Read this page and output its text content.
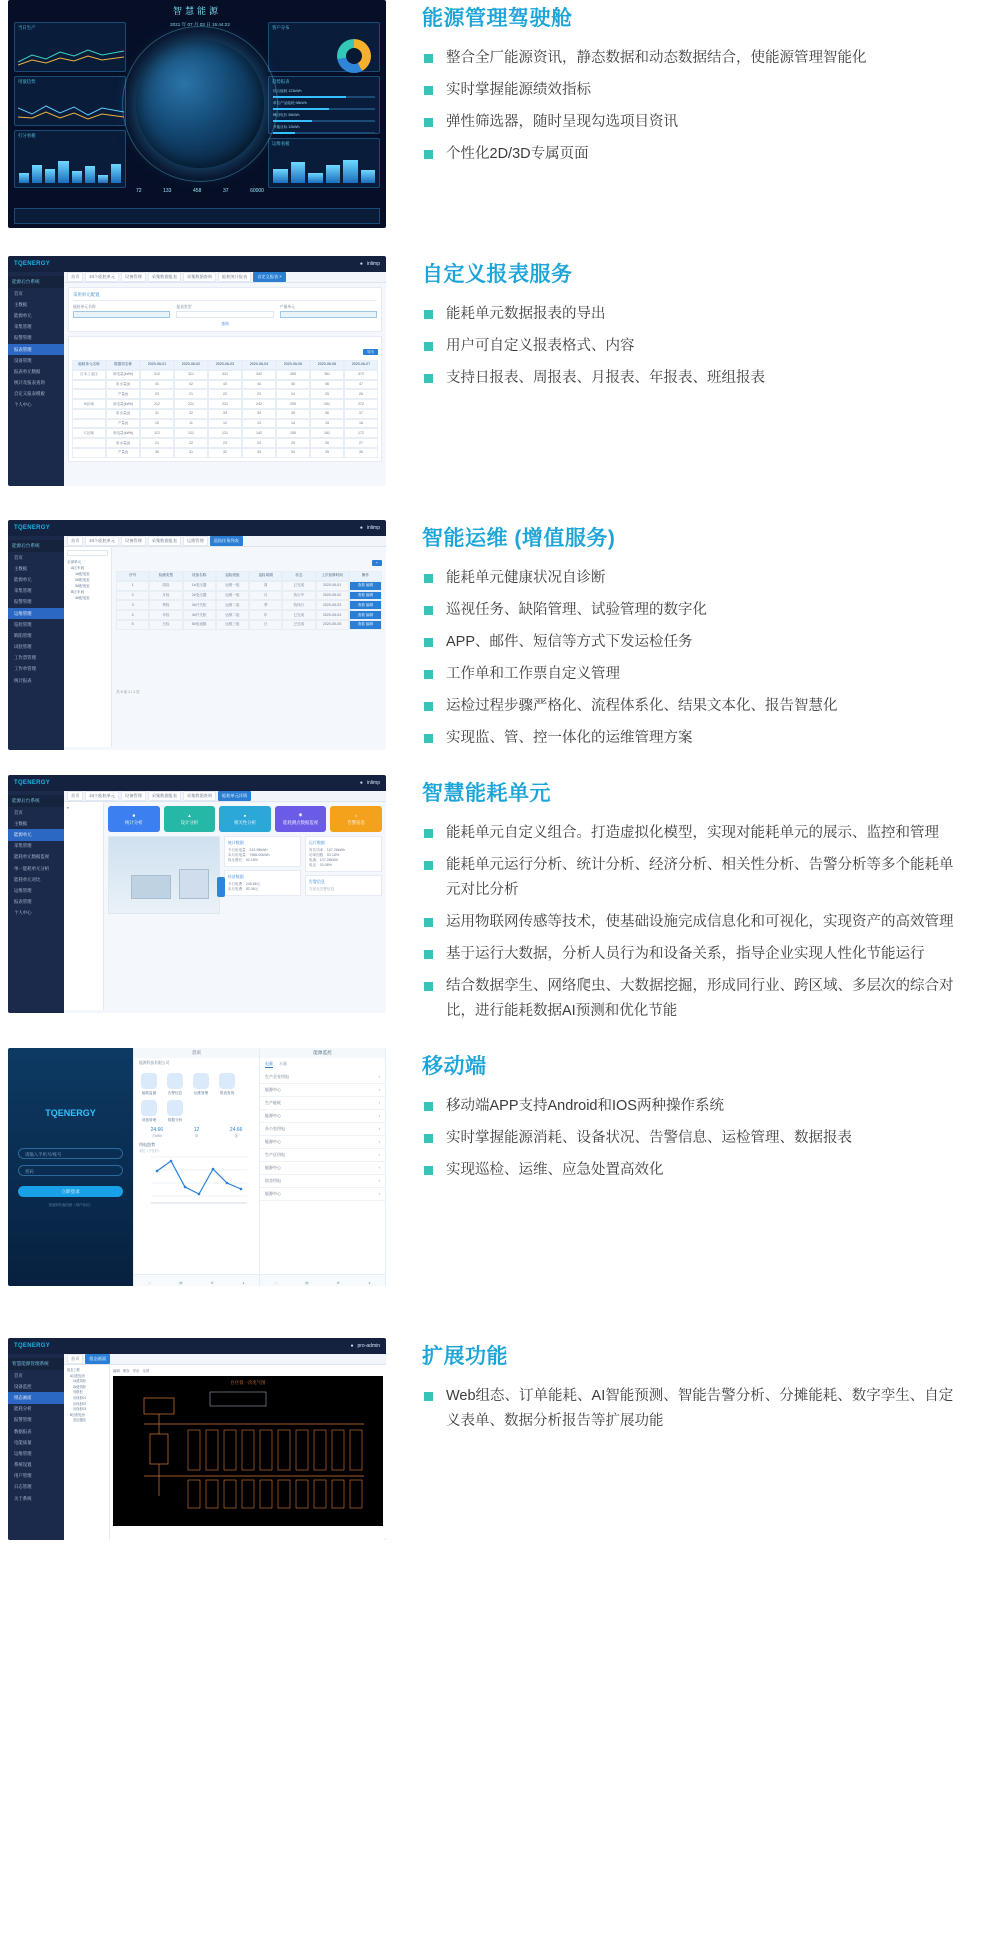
智慧能源
当日生产
用量趋势
打分看板
客户分布
趋势报表
综合能耗 123kWh
单位产品能耗 98kWh
峰谷电价 56kWh
节能目标 12kWh
运维看板
2021 年 07 月 03 日 15:44:22
72	133	458	37	60000
能源管理驾驶舱
整合全厂能源资讯，静态数据和动态数据结合，使能源管理智能化
实时掌握能源绩效指标
弹性筛选器，随时呈现勾选项目资讯
个性化2D/3D专属页面
TQENERGY	● inlimp
能源后台系统
首页
主数据
能源单元
采集管理
报警管理
报表管理
设备管理
报表单元数据
统计及报表查询
自定义报表模板
个人中心
首页	24个能耗单元	设备管理	采集数据报表	采集数据查询	能耗统计报表	自定义报表 ×
采用单元配置
能耗单元名称	报表类型	产量单元
查询
导出
能耗单元名称	数据项名称	2020-06-01	2020-06-02	2020-06-03	2020-06-04	2020-06-05	2020-06-06	2020-06-07
日本工业区	用电量(kWh)	312	321	331	342	355	361	372
用水量(t)	41	42	43	44	45	46	47
产量(t)	20	21	22	23	24	25	26
B区域	用电量(kWh)	212	221	231	242	255	261	272
用水量(t)	31	32	33	34	35	36	37
产量(t)	10	11	12	13	14	15	16
C区域	用电量(kWh)	112	121	131	142	155	161	172
用水量(t)	21	22	23	24	25	26	27
产量(t)	30	31	32	33	34	35	36
自定义报表服务
能耗单元数据报表的导出
用户可自定义报表格式、内容
支持日报表、周报表、月报表、年报表、班组报表
TQENERGY	● inlimp
能源后台系统
首页
主数据
能源单元
采集管理
报警管理
运维管理
巡检管理
缺陷管理
试验管理
工作票管理
工作单管理
统计报表
首页	24个能耗单元	设备管理	采集数据报表	运维管理	巡检任务列表
全部单元
A区车间
1#配电室
2#配电室
3#配电室
B区车间
4#配电室
+
序号	检测类型	设备名称	巡检班组	巡检周期	状态	上次检修时间	操作
1	周检	1#变压器	运维一组	周	已完成	2020-06-01	查看 编辑
2	月检	2#变压器	运维一组	月	执行中	2020-06-02	查看 编辑
3	季检	3#开关柜	运维二组	季	待执行	2020-06-03	查看 编辑
4	年检	4#开关柜	运维二组	年	已完成	2020-06-04	查看 编辑
5	日检	5#电表箱	运维三组	日	已完成	2020-06-05	查看 编辑
共 5 条 1 / 1 页
智能运维 (增值服务)
能耗单元健康状况自诊断
巡视任务、缺陷管理、试验管理的数字化
APP、邮件、短信等方式下发运检任务
工作单和工作票自定义管理
运检过程步骤严格化、流程体系化、结果文本化、报告智慧化
实现监、管、控一体化的运维管理方案
TQENERGY	● inlimp
能源后台系统
首页
主数据
能源单元
采集管理
能耗单元数据监视
单一能耗单元分析
能耗单元对比
运维管理
报表管理
个人中心
首页	24个能耗单元	设备管理	采集数据报表	采集数据查询	能耗单元详情
▾
■
统计分析
▲
设计分析
●
相关性分析
◉
能耗测点数据监视
☼
告警信息
统计数据
今日用电量：243.98kWh
本月用电量：7986.00kWh
同比增长：52.18%
经济数据
今日电费：245.86元
本月电费：82.08元
运行数据
有功功率：107.26kWh
功率因数：53.18%
电流：107.26kWh
电压：33.08%
告警信息
当前无告警信息
智慧能耗单元
能耗单元自定义组合。打造虚拟化模型，实现对能耗单元的展示、监控和管理
能耗单元运行分析、统计分析、经济分析、相关性分析、告警分析等多个能耗单元对比分析
运用物联网传感等技术，使基础设施完成信息化和可视化，实现资产的高效管理
基于运行大数据，分析人员行为和设备关系，指导企业实现人性化节能运行
结合数据孪生、网络爬虫、大数据挖掘，形成同行业、跨区域、多层次的综合对比，进行能耗数据AI预测和优化节能
TQENERGY
请输入手机号/账号
密码
立即登录
登录即代表同意《用户协议》
首页
能源科技有限公司
能耗监测	告警信息	运维管理	报表查询
设备管理	数据分析
24.66
万kWh
12
单
24.66
条
用电趋势
单位（千瓦时）
⌂	▤	⚙	●
能源监控
电量 水量
生产企业用电	›
能源中心	›
生产能耗	›
能源中心	›
办公室用电	›
能源中心	›
生产区用电	›
能源中心	›
宿舍用电	›
能源中心	›
⌂	▤	⚙	●
移动端
移动端APP支持Android和IOS两种操作系统
实时掌握能源消耗、设备状况、告警信息、运检管理、数据报表
实现巡检、运维、应急处置高效化
TQENERGY	● pro-admin
智慧能源管理系统
首页
设备监控
组态画面
能耗分析
报警管理
数据报表
电能质量
运维管理
系统设置
用户管理
日志管理
关于系统
首页	组态画面
组态工程
A区配电房
1#进线柜
2#进线柜
母联柜
出线柜01
出线柜02
出线柜03
B区配电房
变压器组
编辑 保存 导出 全屏
台区低一次电气图
扩展功能
Web组态、订单能耗、AI智能预测、智能告警分析、分摊能耗、数字孪生、自定义表单、数据分析报告等扩展功能
